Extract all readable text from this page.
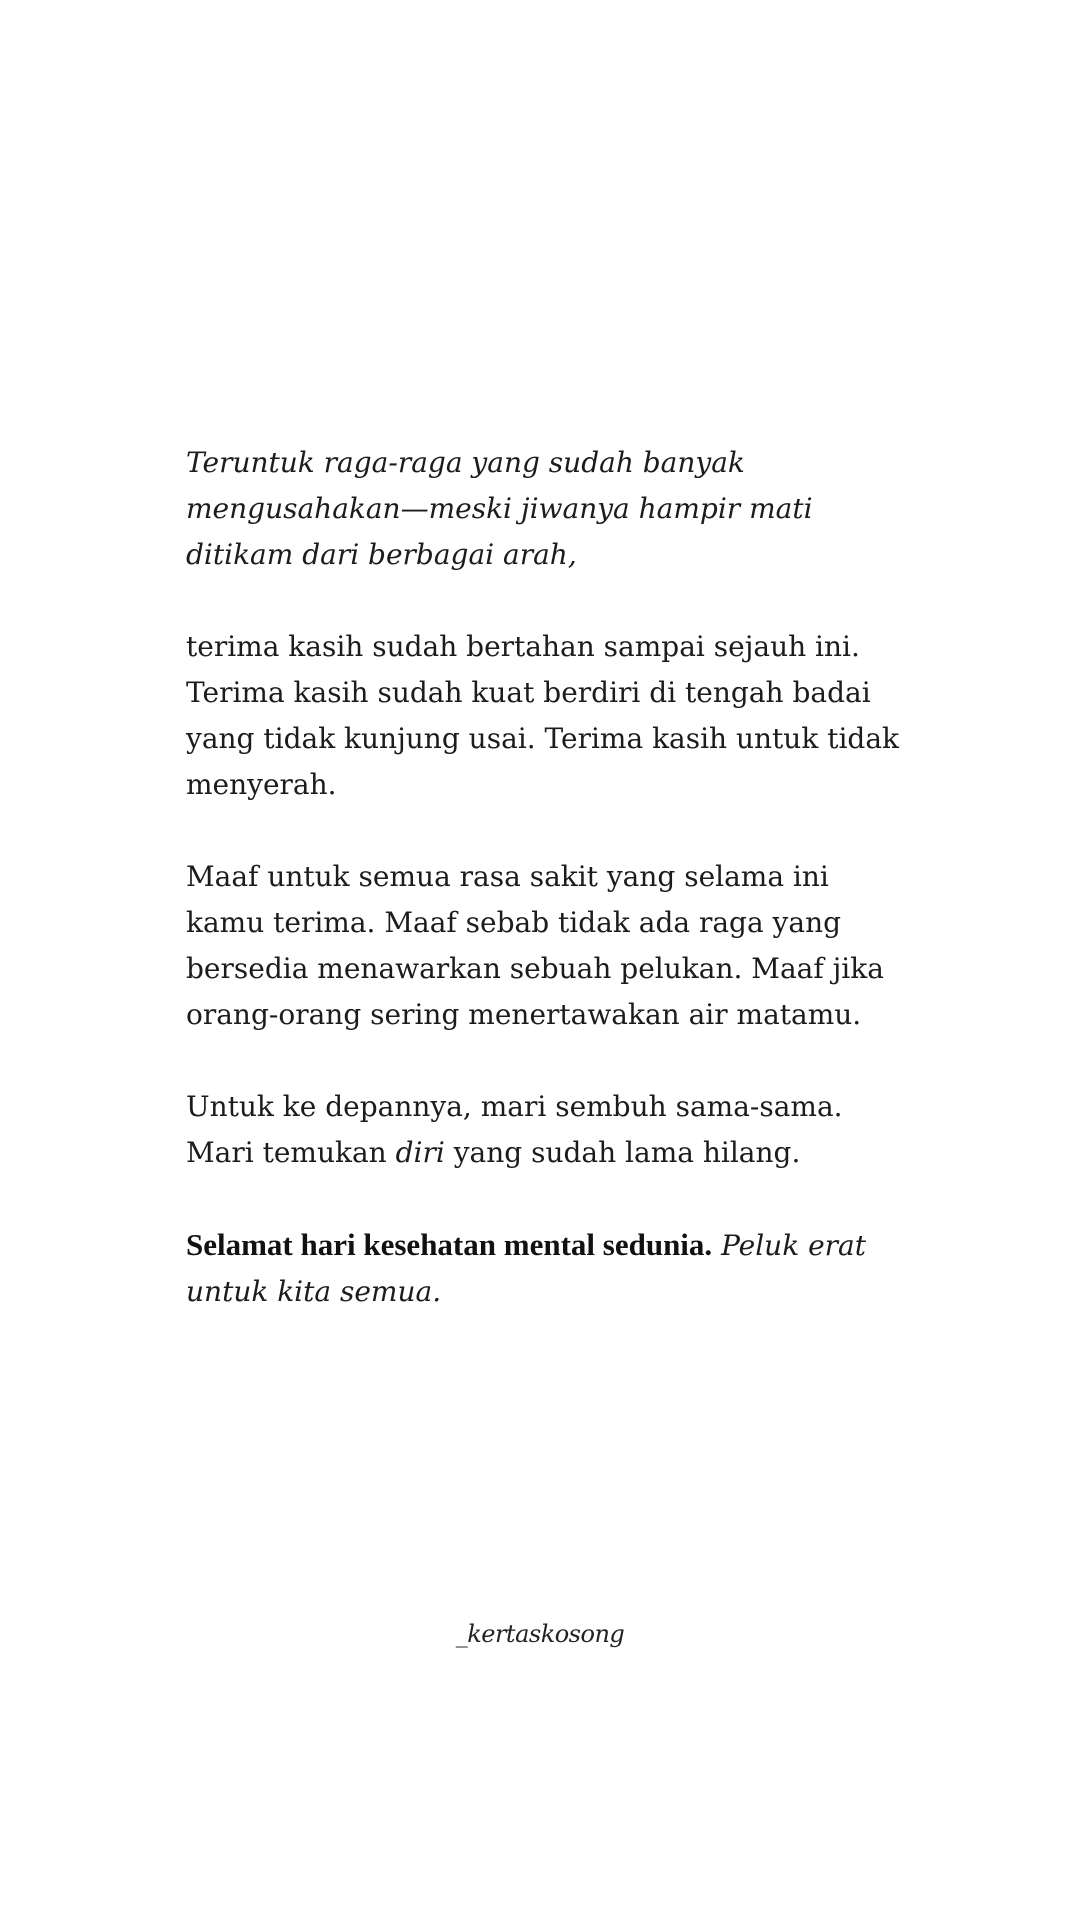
Teruntuk raga-raga yang sudah banyak mengusahakan—meski jiwanya hampir mati ditikam dari berbagai arah,

terima kasih sudah bertahan sampai sejauh ini. Terima kasih sudah kuat berdiri di tengah badai yang tidak kunjung usai. Terima kasih untuk tidak menyerah.

Maaf untuk semua rasa sakit yang selama ini kamu terima. Maaf sebab tidak ada raga yang bersedia menawarkan sebuah pelukan. Maaf jika orang-orang sering menertawakan air matamu.

Untuk ke depannya, mari sembuh sama-sama. Mari temukan diri yang sudah lama hilang.

Selamat hari kesehatan mental sedunia. Peluk erat untuk kita semua.

_kertaskosong
